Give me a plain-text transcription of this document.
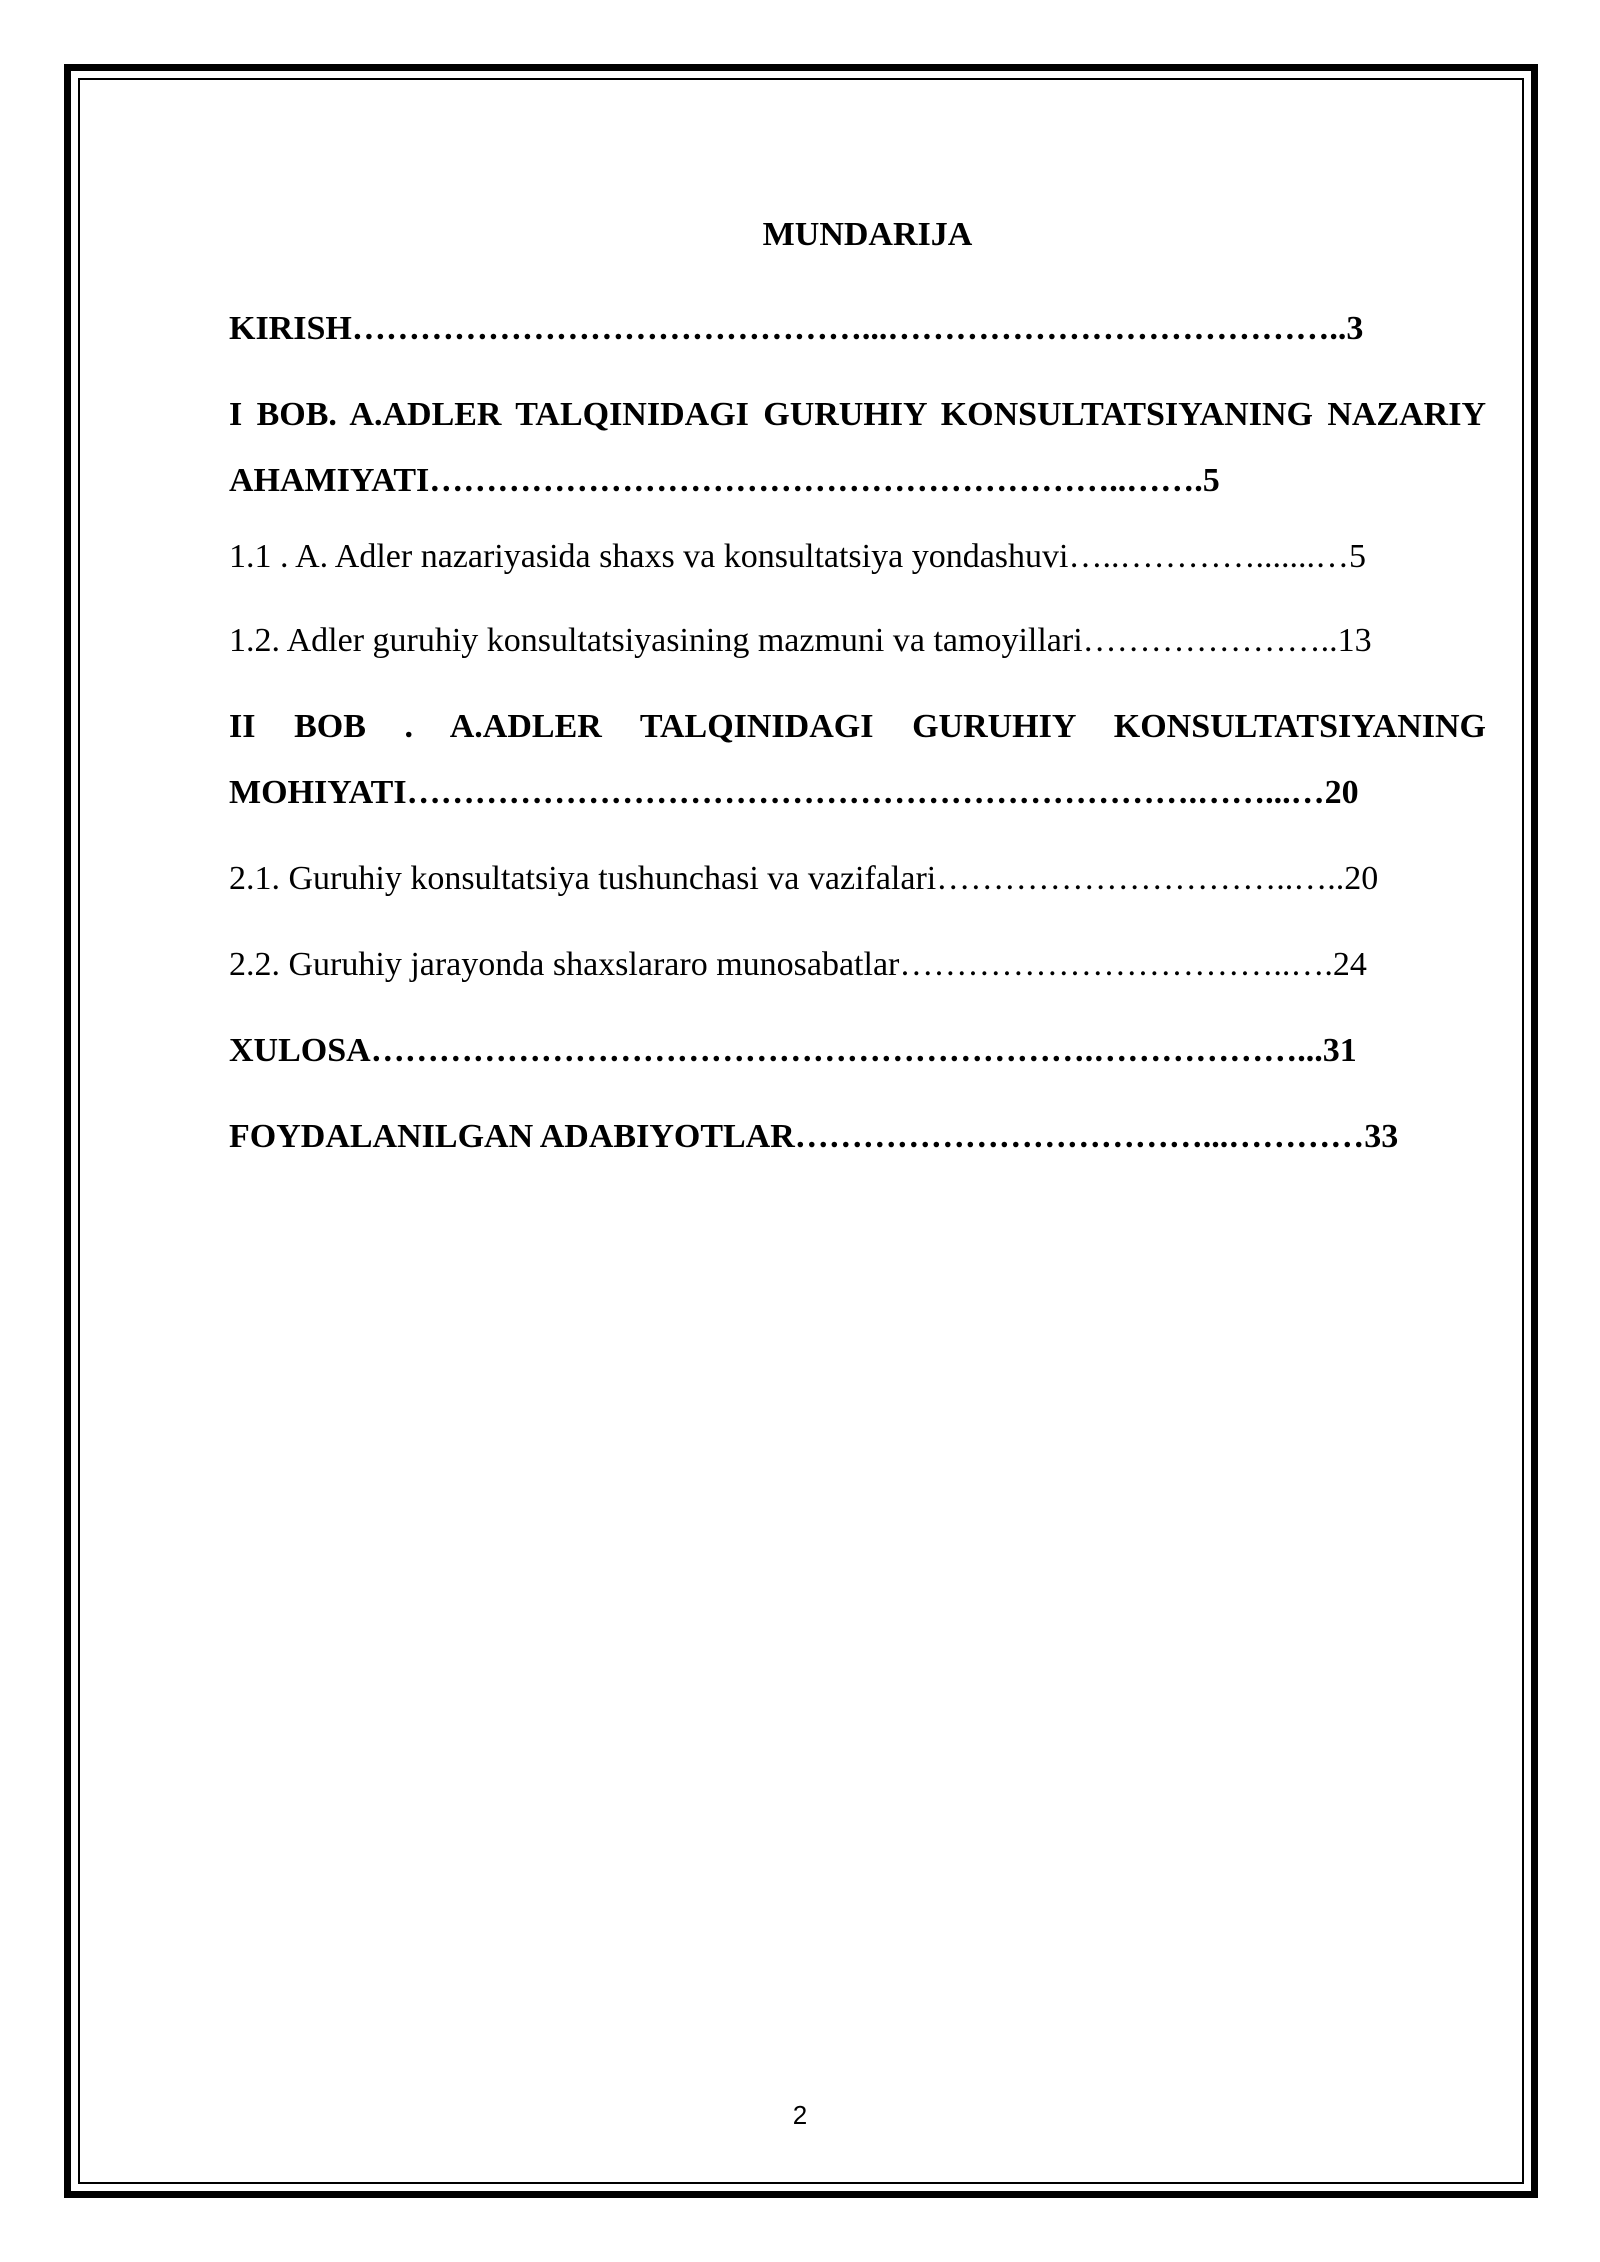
MUNDARIJA
KIRISH………………………………………...…………………………………..3
I BOB. A.ADLER TALQINIDAGI GURUHIY KONSULTATSIYANING NAZARIY AHAMIYATI……………………………………………………..…….5
1.1 . A. Adler nazariyasida shaxs va konsultatsiya yondashuvi…..………….......…5
1.2. Adler guruhiy konsultatsiyasining mazmuni va tamoyillari…………………..13
II BOB . A.ADLER TALQINIDAGI GURUHIY KONSULTATSIYANING MOHIYATI…………………………………………………………….……...…20
2.1. Guruhiy konsultatsiya tushunchasi va vazifalari…………………………..…..20
2.2. Guruhiy jarayonda shaxslararo munosabatlar……………………………..….24
XULOSA……………………………………………………….………………...31
FOYDALANILGAN ADABIYOTLAR………………………………...…………33
2
